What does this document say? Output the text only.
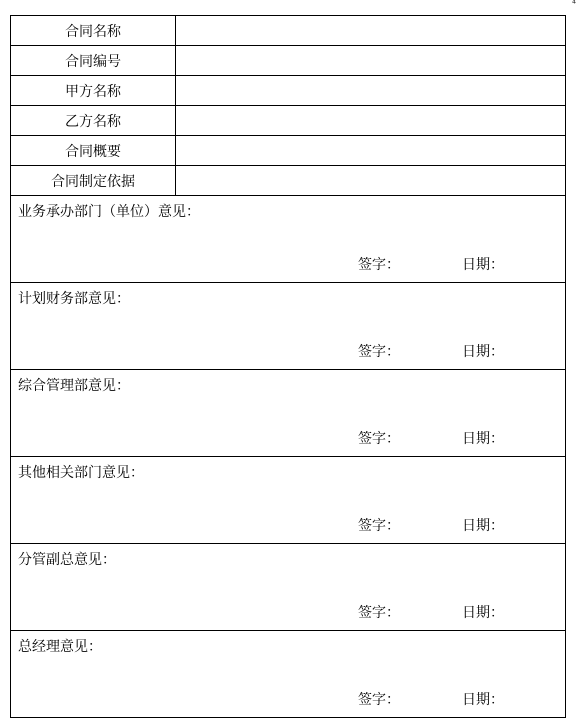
⁴
合同名称	
合同编号	
甲方名称	
乙方名称	
合同概要	
合同制定依据	

业务承办部门（单位）意见：
签字： 日期：	

计划财务部意见：
签字： 日期：	

综合管理部意见：
签字： 日期：	

其他相关部门意见：
签字： 日期：	

分管副总意见：
签字： 日期：	

总经理意见：
签字： 日期：	
